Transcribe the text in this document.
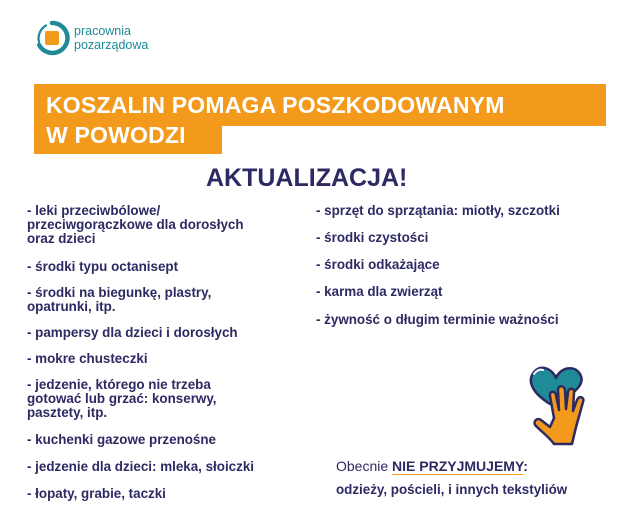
pracownia
pozarządowa
KOSZALIN POMAGA POSZKODOWANYM
W POWODZI
AKTUALIZACJA!
- leki przeciwbólowe/
przeciwgorączkowe dla dorosłych
oraz dzieci
- środki typu octanisept
- środki na biegunkę, plastry,
opatrunki, itp.
- pampersy dla dzieci i dorosłych
- mokre chusteczki
- jedzenie, którego nie trzeba
gotować lub grzać: konserwy,
pasztety, itp.
- kuchenki gazowe przenośne
- jedzenie dla dzieci: mleka, słoiczki
- łopaty, grabie, taczki
- sprzęt do sprzątania: miotły, szczotki
- środki czystości
- środki odkażające
- karma dla zwierząt
- żywność o długim terminie ważności
Obecnie NIE PRZYJMUJEMY:
odzieży, pościeli, i innych tekstyliów
